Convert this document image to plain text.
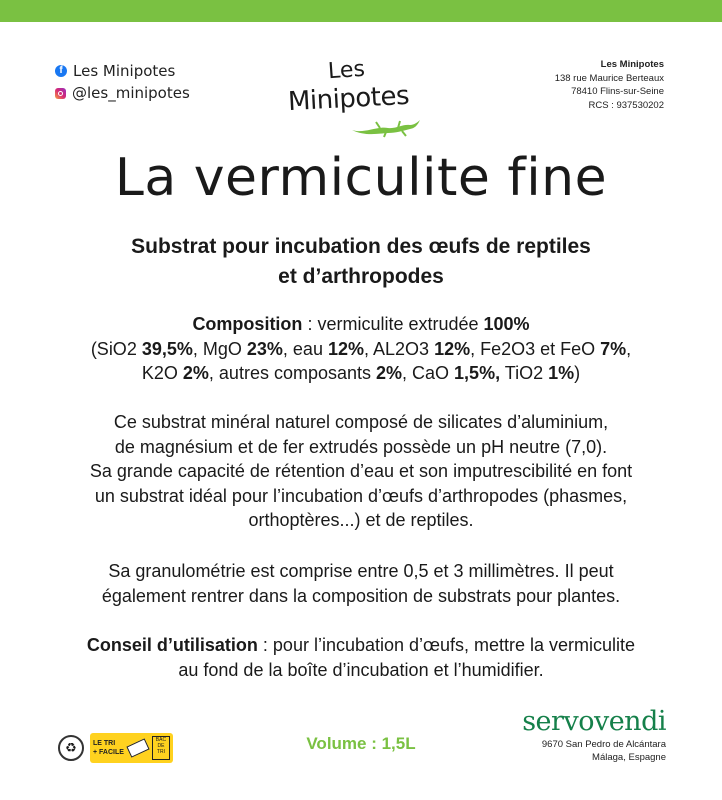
f Les Minipotes
@les_minipotes
Les
Minipotes
Les Minipotes
138 rue Maurice Berteaux
78410 Flins-sur-Seine
RCS : 937530202
La vermiculite fine
Substrat pour incubation des œufs de reptiles
et d’arthropodes
Composition : vermiculite extrudée 100%
(SiO2 39,5%, MgO 23%, eau 12%, AL2O3 12%, Fe2O3 et FeO 7%,
K2O 2%, autres composants 2%, CaO 1,5%, TiO2 1%)
Ce substrat minéral naturel composé de silicates d’aluminium,
de magnésium et de fer extrudés possède un pH neutre (7,0).
Sa grande capacité de rétention d’eau et son imputrescibilité en font
un substrat idéal pour l’incubation d’œufs d’arthropodes (phasmes,
orthoptères...) et de reptiles.
Sa granulométrie est comprise entre 0,5 et 3 millimètres. Il peut
également rentrer dans la composition de substrats pour plantes.
Conseil d’utilisation : pour l’incubation d’œufs, mettre la vermiculite
au fond de la boîte d’incubation et l’humidifier.
♻	LE TRI
+ FACILE
BAC DE TRI	Volume : 1,5L
servovendi
9670 San Pedro de Alcántara
Málaga, Espagne
